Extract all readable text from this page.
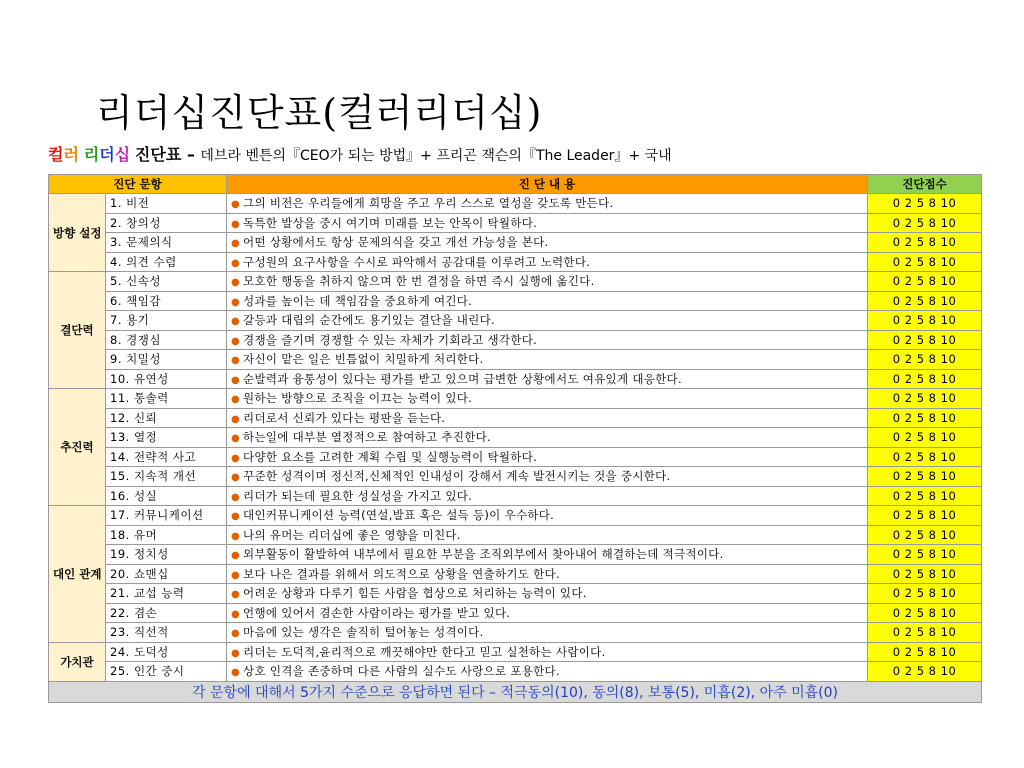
리더십진단표(컬러리더십)
컬러 리더십 진단표 – 데브라 벤튼의『CEO가 되는 방법』+ 프리곤 잭슨의『The Leader』+ 국내
진단 문항		진 단 내 용	진단점수
방향 설정	1. 비전	● 그의 비전은 우리들에게 희망을 주고 우리 스스로 열성을 갖도록 만든다.	0 2 5 8 10
	2. 창의성	● 독특한 발상을 중시 여기며 미래를 보는 안목이 탁월하다.	0 2 5 8 10
	3. 문제의식	● 어떤 상황에서도 항상 문제의식을 갖고 개선 가능성을 본다.	0 2 5 8 10
	4. 의견 수렴	● 구성원의 요구사항을 수시로 파악해서 공감대를 이루려고 노력한다.	0 2 5 8 10
결단력	5. 신속성	● 모호한 행동을 취하지 않으며 한 번 결정을 하면 즉시 실행에 옮긴다.	0 2 5 8 10
	6. 책임감	● 성과를 높이는 데 책임감을 중요하게 여긴다.	0 2 5 8 10
	7. 용기	● 갈등과 대립의 순간에도 용기있는 결단을 내린다.	0 2 5 8 10
	8. 경쟁심	● 경쟁을 즐기며 경쟁할 수 있는 자체가 기회라고 생각한다.	0 2 5 8 10
	9. 치밀성	● 자신이 맡은 일은 빈틈없이 치밀하게 처리한다.	0 2 5 8 10
	10. 유연성	● 순발력과 융통성이 있다는 평가를 받고 있으며 급변한 상황에서도 여유있게 대응한다.	0 2 5 8 10
추진력	11. 통솔력	● 원하는 방향으로 조직을 이끄는 능력이 있다.	0 2 5 8 10
	12. 신뢰	● 리더로서 신뢰가 있다는 평판을 듣는다.	0 2 5 8 10
	13. 열정	● 하는일에 대부분 열정적으로 참여하고 추진한다.	0 2 5 8 10
	14. 전략적 사고	● 다양한 요소를 고려한 계획 수립 및 실행능력이 탁월하다.	0 2 5 8 10
	15. 지속적 개선	● 꾸준한 성격이며 정신적,신체적인 인내성이 강해서 계속 발전시키는 것을 중시한다.	0 2 5 8 10
	16. 성실	● 리더가 되는데 필요한 성실성을 가지고 있다.	0 2 5 8 10
대인 관계	17. 커뮤니케이션	● 대인커뮤니케이션 능력(연설,발표 혹은 설득 등)이 우수하다.	0 2 5 8 10
	18. 유머	● 나의 유머는 리더십에 좋은 영향을 미친다.	0 2 5 8 10
	19. 정치성	● 외부활동이 활발하여 내부에서 필요한 부분을 조직외부에서 찾아내어 해결하는데 적극적이다.	0 2 5 8 10
	20. 쇼맨십	● 보다 나은 결과를 위해서 의도적으로 상황을 연출하기도 한다.	0 2 5 8 10
	21. 교섭 능력	● 어려운 상황과 다루기 힘든 사람을 협상으로 처리하는 능력이 있다.	0 2 5 8 10
	22. 겸손	● 언행에 있어서 겸손한 사람이라는 평가를 받고 있다.	0 2 5 8 10
	23. 직선적	● 마음에 있는 생각은 솔직히 털어놓는 성격이다.	0 2 5 8 10
가치관	24. 도덕성	● 리더는 도덕적,윤리적으로 깨끗해야만 한다고 믿고 실천하는 사람이다.	0 2 5 8 10
	25. 인간 중시	● 상호 인격을 존중하며 다른 사람의 실수도 사랑으로 포용한다.	0 2 5 8 10
각 문항에 대해서 5가지 수준으로 응답하면 된다 – 적극동의(10), 동의(8), 보통(5), 미흡(2), 아주 미흡(0)			
